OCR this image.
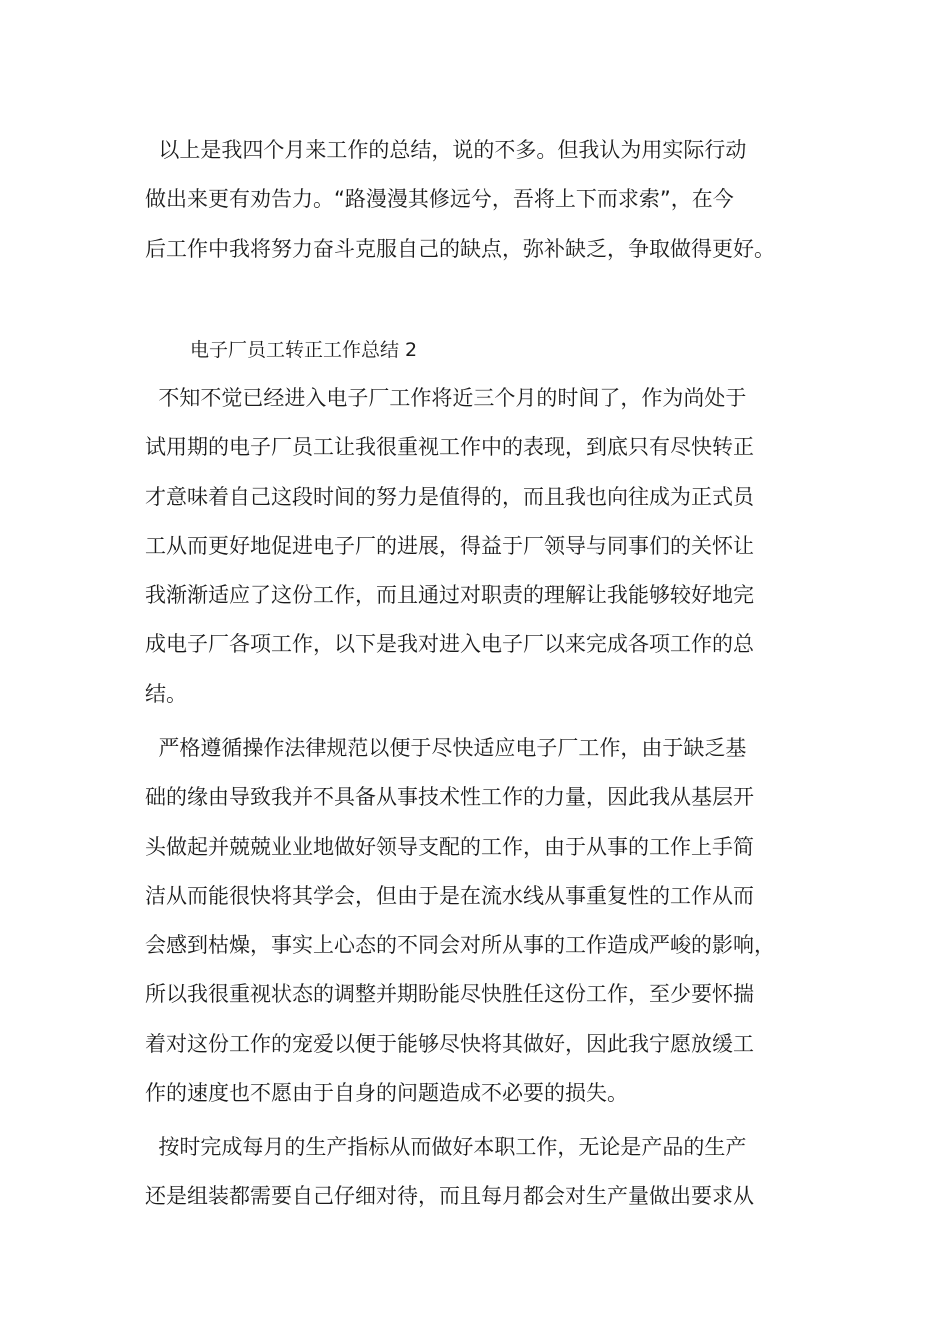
以上是我四个月来工作的总结，说的不多。但我认为用实际行动

做出来更有劝告力。“路漫漫其修远兮，吾将上下而求索”，在今

后工作中我将努力奋斗克服自己的缺点，弥补缺乏，争取做得更好。

电子厂员工转正工作总结 2

不知不觉已经进入电子厂工作将近三个月的时间了，作为尚处于

试用期的电子厂员工让我很重视工作中的表现，到底只有尽快转正

才意味着自己这段时间的努力是值得的，而且我也向往成为正式员

工从而更好地促进电子厂的进展，得益于厂领导与同事们的关怀让

我渐渐适应了这份工作，而且通过对职责的理解让我能够较好地完

成电子厂各项工作，以下是我对进入电子厂以来完成各项工作的总

结。

严格遵循操作法律规范以便于尽快适应电子厂工作，由于缺乏基

础的缘由导致我并不具备从事技术性工作的力量，因此我从基层开

头做起并兢兢业业地做好领导支配的工作，由于从事的工作上手简

洁从而能很快将其学会，但由于是在流水线从事重复性的工作从而

会感到枯燥，事实上心态的不同会对所从事的工作造成严峻的影响，

所以我很重视状态的调整并期盼能尽快胜任这份工作，至少要怀揣

着对这份工作的宠爱以便于能够尽快将其做好，因此我宁愿放缓工

作的速度也不愿由于自身的问题造成不必要的损失。

按时完成每月的生产指标从而做好本职工作，无论是产品的生产

还是组装都需要自己仔细对待，而且每月都会对生产量做出要求从
